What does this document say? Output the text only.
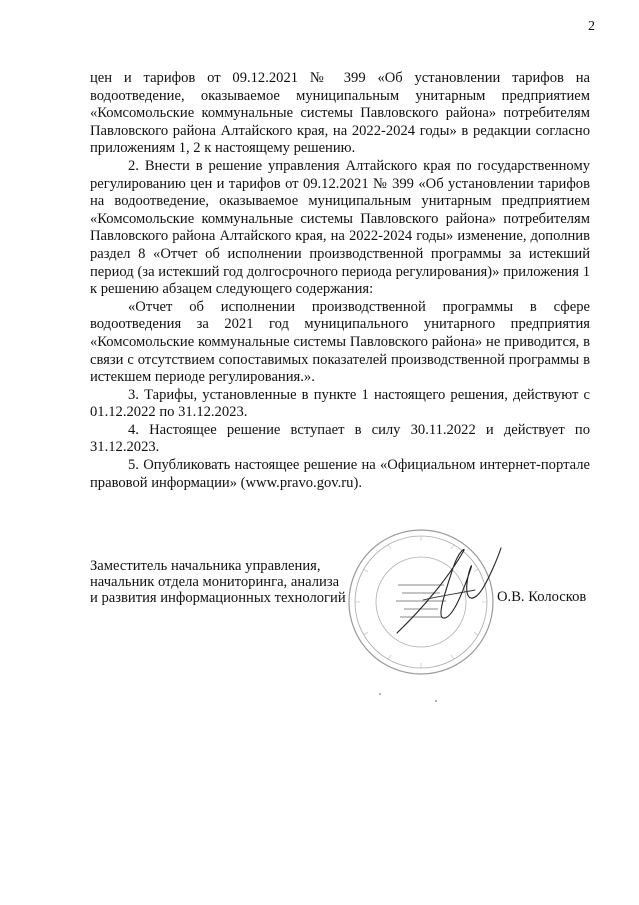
2

цен и тарифов от 09.12.2021 № 399 «Об установлении тарифов на водоотведение, оказываемое муниципальным унитарным предприятием «Комсомольские коммунальные системы Павловского района» потребителям Павловского района Алтайского края, на 2022-2024 годы» в редакции согласно приложениям 1, 2 к настоящему решению.

2. Внести в решение управления Алтайского края по государственному регулированию цен и тарифов от 09.12.2021 № 399 «Об установлении тарифов на водоотведение, оказываемое муниципальным унитарным предприятием «Комсомольские коммунальные системы Павловского района» потребителям Павловского района Алтайского края, на 2022-2024 годы» изменение, дополнив раздел 8 «Отчет об исполнении производственной программы за истекший период (за истекший год долгосрочного периода регулирования)» приложения 1 к решению абзацем следующего содержания:

«Отчет об исполнении производственной программы в сфере водоотведения за 2021 год муниципального унитарного предприятия «Комсомольские коммунальные системы Павловского района» не приводится, в связи с отсутствием сопоставимых показателей производственной программы в истекшем периоде регулирования.».

3. Тарифы, установленные в пункте 1 настоящего решения, действуют с 01.12.2022 по 31.12.2023.

4. Настоящее решение вступает в силу 30.11.2022 и действует по 31.12.2023.

5. Опубликовать настоящее решение на «Официальном интернет-портале правовой информации» (www.pravo.gov.ru).

Заместитель начальника управления,
начальник отдела мониторинга, анализа
и развития информационных технологий	О.В. Колосков
